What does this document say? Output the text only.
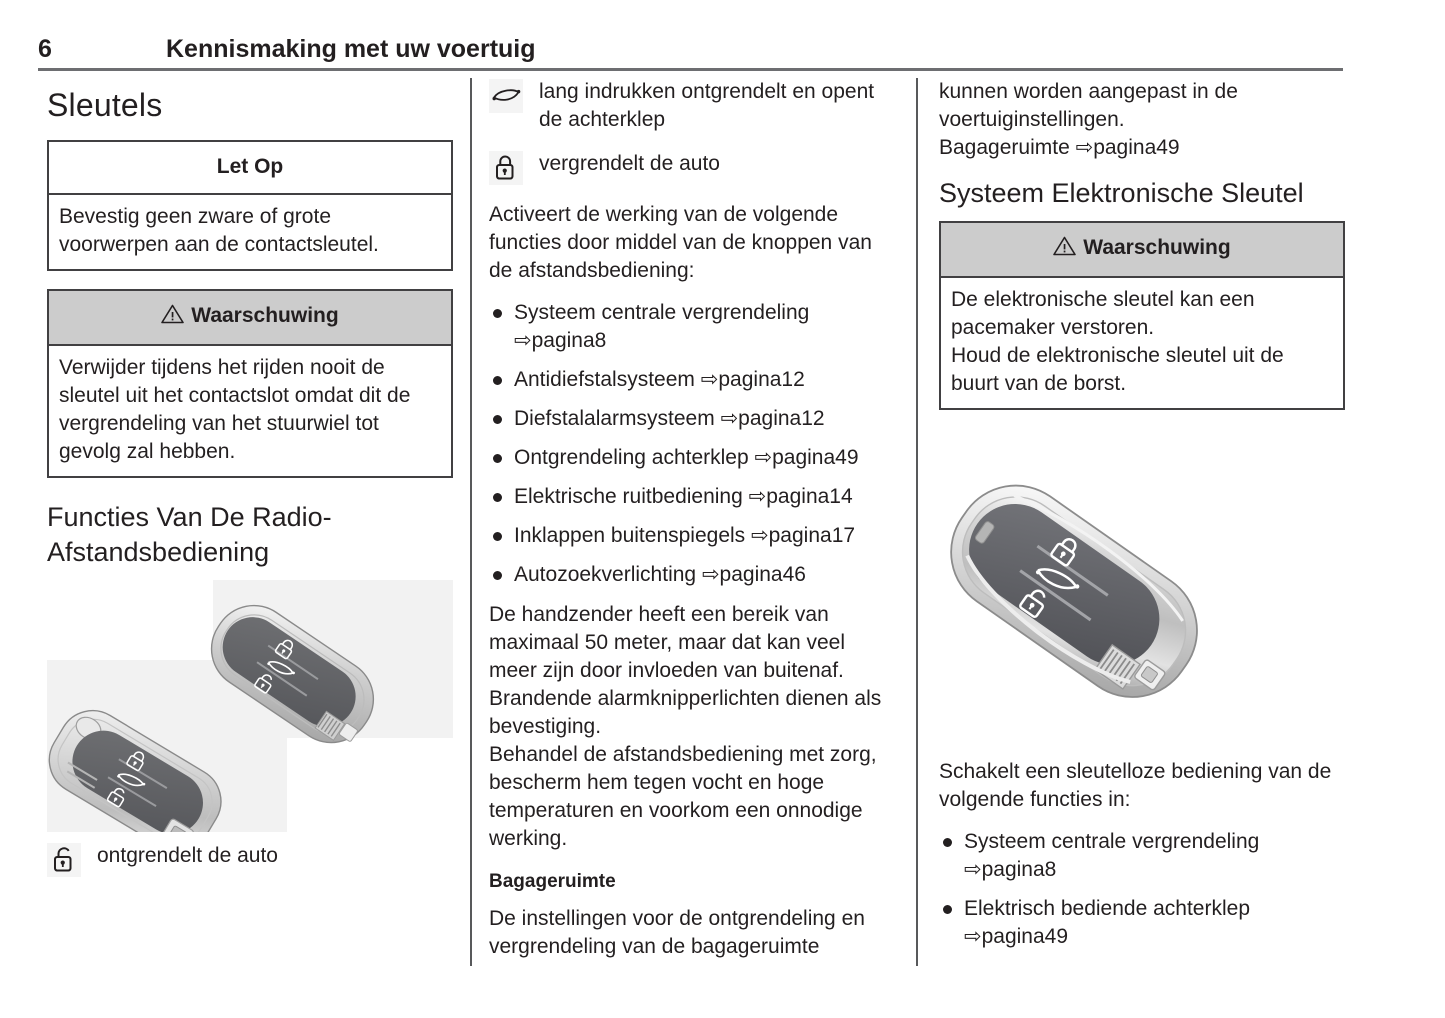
6	Kennismaking met uw voertuig
Sleutels
Let Op
Bevestig geen zware of grote voorwerpen aan de contactsleutel.
Waarschuwing
Verwijder tijdens het rijden nooit de sleutel uit het contactslot omdat dit de vergrendeling van het stuurwiel tot gevolg zal hebben.
Functies Van De Radio-Afstandsbediening
ontgrendelt de auto
lang indrukken ontgrendelt en opent de achterklep
vergrendelt de auto

Activeert de werking van de volgende functies door middel van de knoppen van de afstandsbediening:

Systeem centrale vergrendeling
⇨pagina8
Antidiefstalsysteem ⇨pagina12
Diefstalalarmsysteem ⇨pagina12
Ontgrendeling achterklep ⇨pagina49
Elektrische ruitbediening ⇨pagina14
Inklappen buitenspiegels ⇨pagina17
Autozoekverlichting ⇨pagina46

De handzender heeft een bereik van maximaal 50 meter, maar dat kan veel meer zijn door invloeden van buitenaf. Brandende alarmknipperlichten dienen als bevestiging.

Behandel de afstandsbediening met zorg, bescherm hem tegen vocht en hoge temperaturen en voorkom een onnodige werking.

Bagageruimte

De instellingen voor de ontgrendeling en vergrendeling van de bagageruimte

kunnen worden aangepast in de voertuiginstellingen.

Bagageruimte ⇨pagina49

Systeem Elektronische Sleutel
Waarschuwing
De elektronische sleutel kan een pacemaker verstoren.
Houd de elektronische sleutel uit de buurt van de borst.

Schakelt een sleutelloze bediening van de volgende functies in:

Systeem centrale vergrendeling
⇨pagina8
Elektrisch bediende achterklep
⇨pagina49
